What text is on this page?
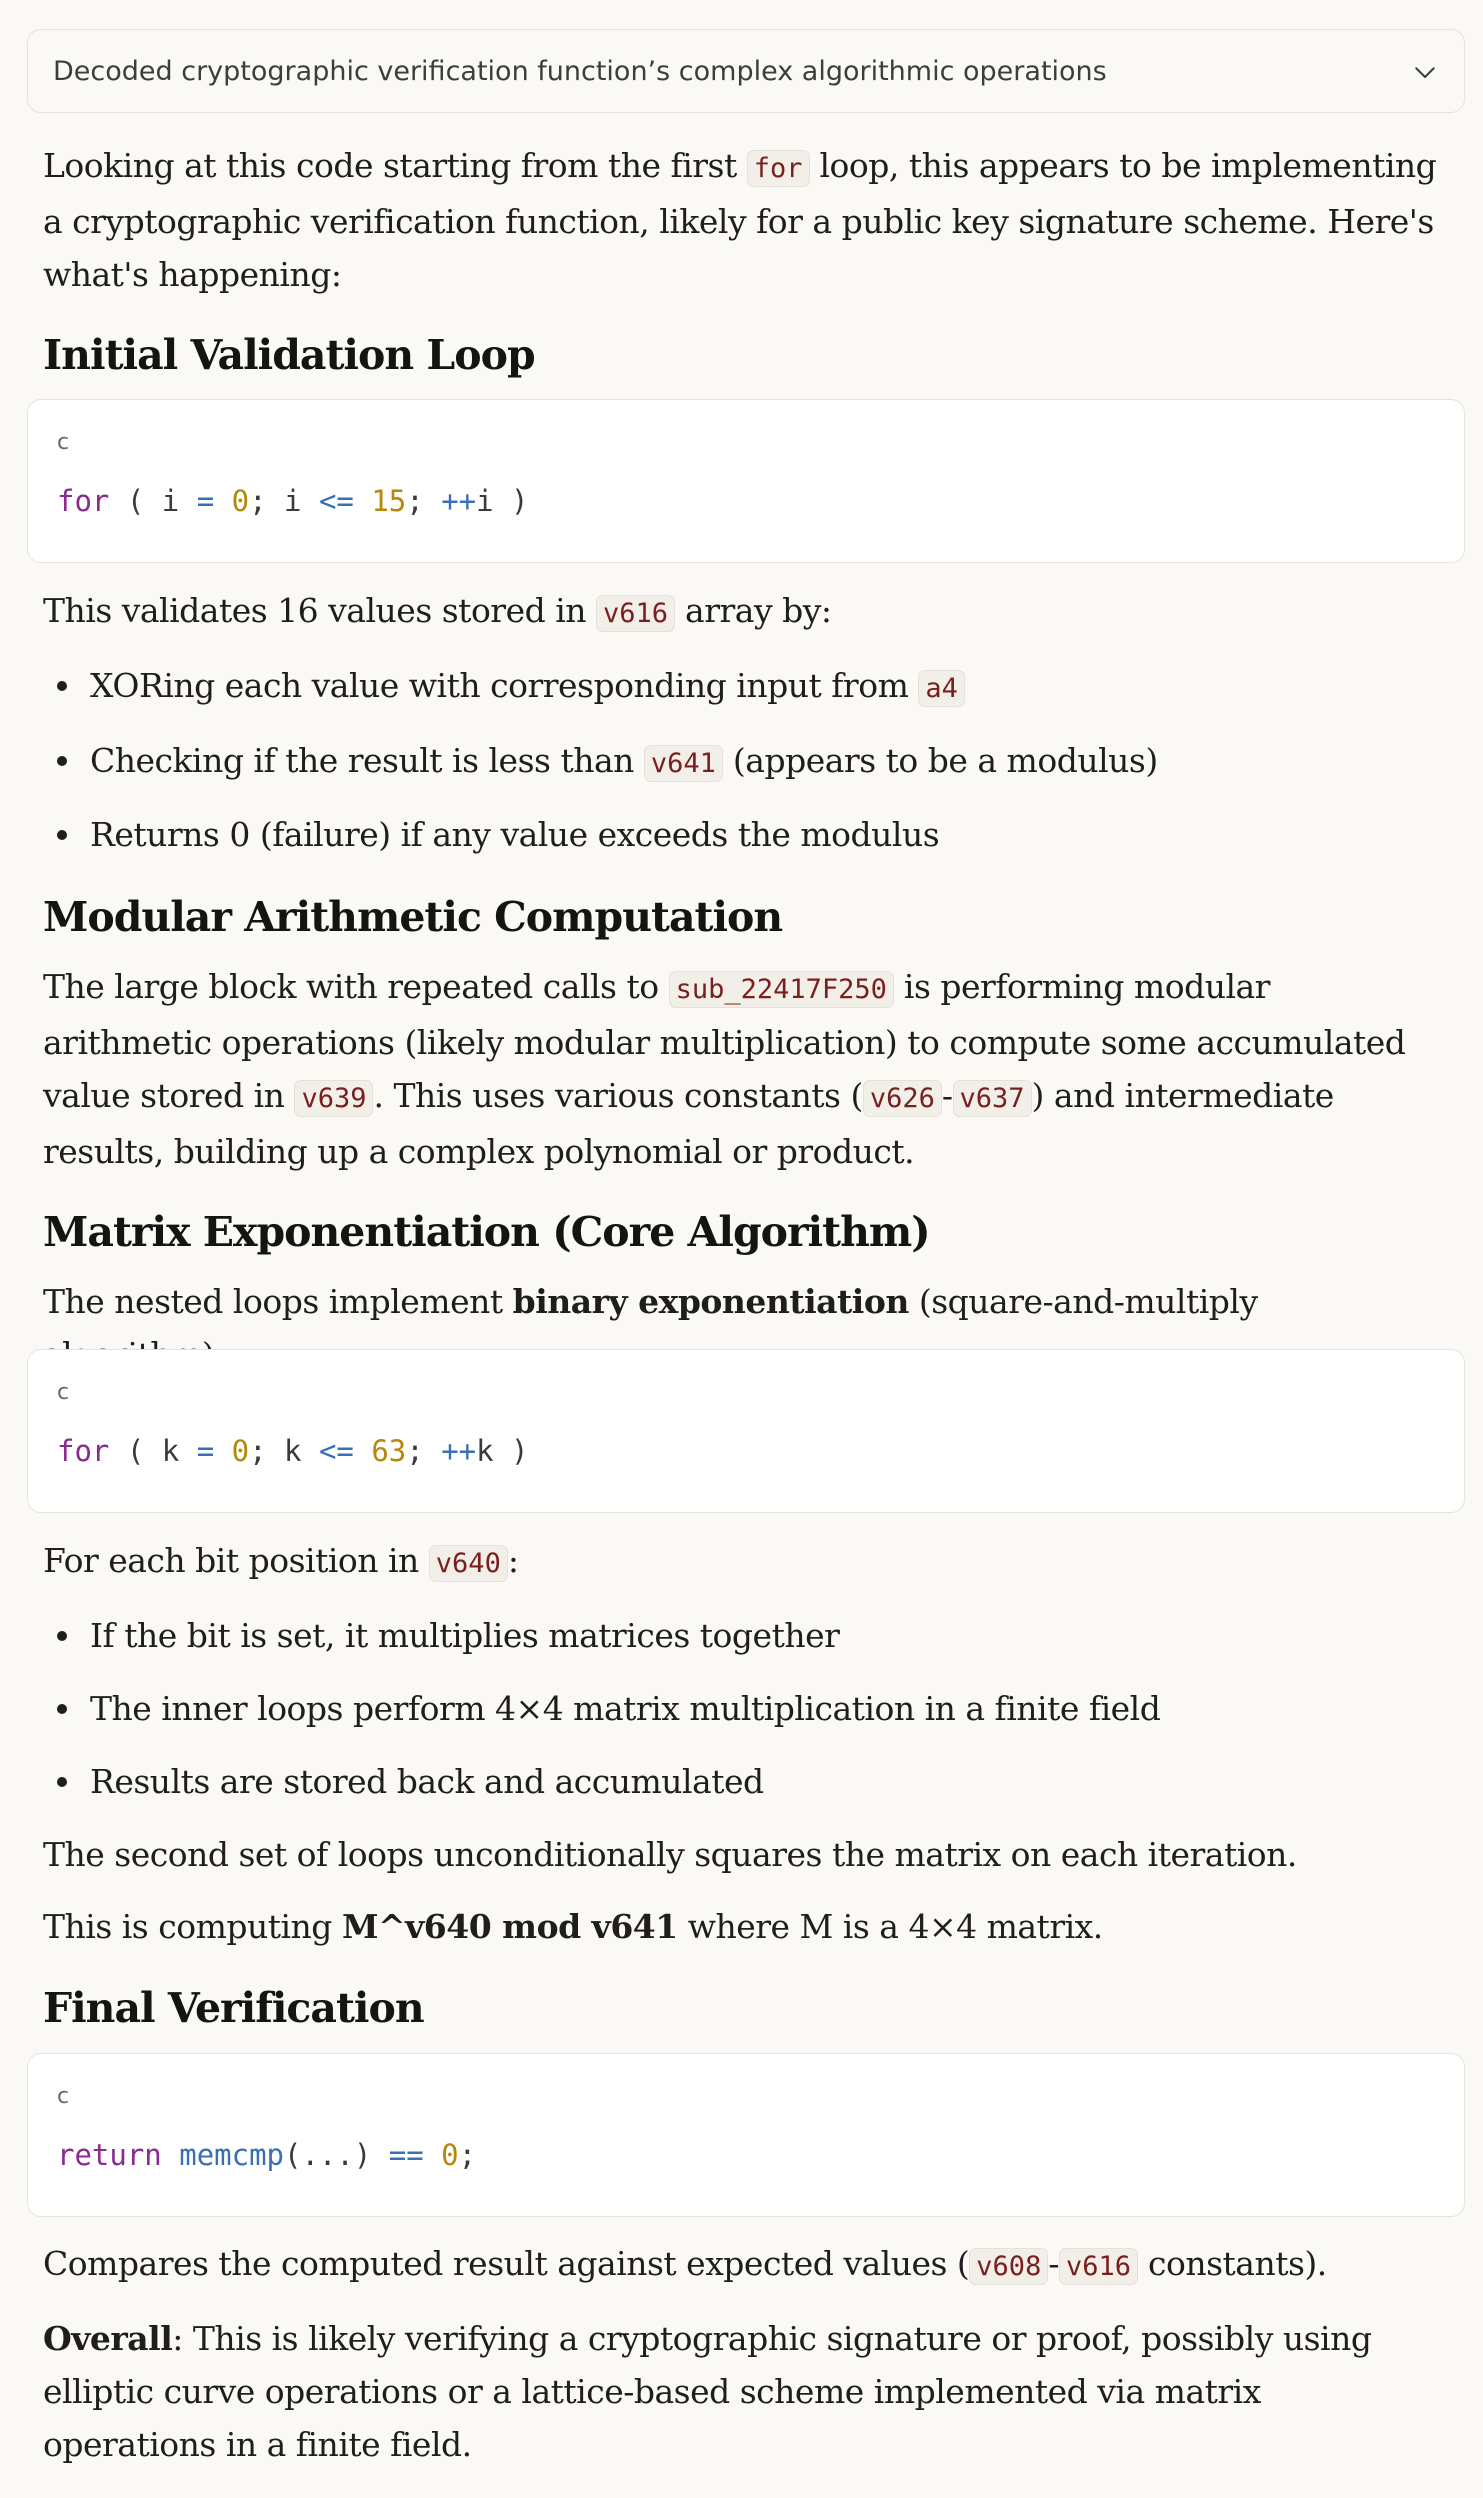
Decoded cryptographic verification function’s complex algorithmic operations

Looking at this code starting from the first for loop, this appears to be implementing a cryptographic verification function, likely for a public key signature scheme. Here's what's happening:

Initial Validation Loop
c
for ( i = 0; i <= 15; ++i )

This validates 16 values stored in v616 array by:

XORing each value with corresponding input from a4
Checking if the result is less than v641 (appears to be a modulus)
Returns 0 (failure) if any value exceeds the modulus
Modular Arithmetic Computation

The large block with repeated calls to sub_22417F250 is performing modular arithmetic operations (likely modular multiplication) to compute some accumulated value stored in v639 . This uses various constants ( v626 - v637 ) and intermediate results, building up a complex polynomial or product.

Matrix Exponentiation (Core Algorithm)

The nested loops implement binary exponentiation (square-and-multiply

c
for ( k = 0; k <= 63; ++k )

For each bit position in v640 :

If the bit is set, it multiplies matrices together
The inner loops perform 4×4 matrix multiplication in a finite field
Results are stored back and accumulated

The second set of loops unconditionally squares the matrix on each iteration.

This is computing M^v640 mod v641 where M is a 4×4 matrix.

Final Verification
c
return memcmp(...) == 0;

Compares the computed result against expected values ( v608 - v616 constants).

Overall: This is likely verifying a cryptographic signature or proof, possibly using elliptic curve operations or a lattice-based scheme implemented via matrix operations in a finite field.
